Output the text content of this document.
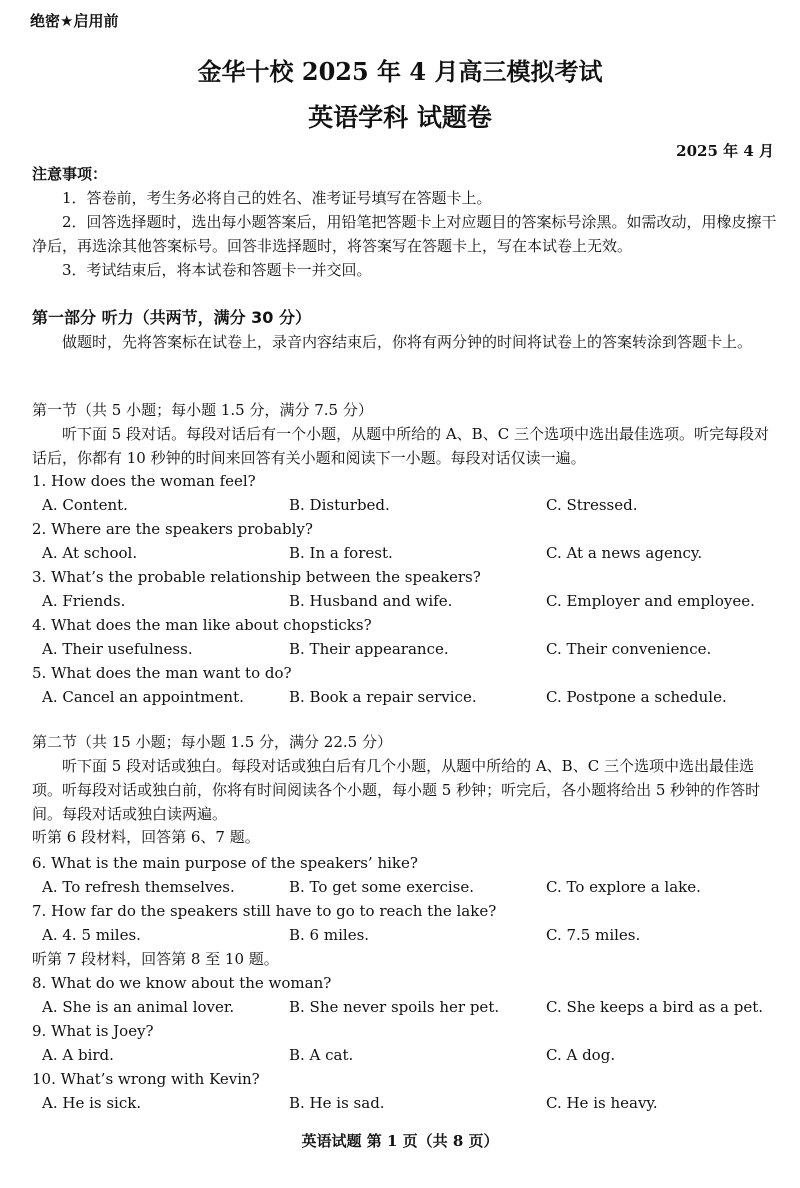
绝密★启用前
金华十校 2025 年 4 月高三模拟考试
英语学科 试题卷
2025 年 4 月
注意事项：
1．答卷前，考生务必将自己的姓名、准考证号填写在答题卡上。
2．回答选择题时，选出每小题答案后，用铅笔把答题卡上对应题目的答案标号涂黑。如需改动，用橡皮擦干净后，再选涂其他答案标号。回答非选择题时，将答案写在答题卡上，写在本试卷上无效。
3．考试结束后，将本试卷和答题卡一并交回。
第一部分 听力（共两节，满分 30 分）
做题时，先将答案标在试卷上，录音内容结束后，你将有两分钟的时间将试卷上的答案转涂到答题卡上。
第一节（共 5 小题；每小题 1.5 分，满分 7.5 分）
听下面 5 段对话。每段对话后有一个小题，从题中所给的 A、B、C 三个选项中选出最佳选项。听完每段对话后，你都有 10 秒钟的时间来回答有关小题和阅读下一小题。每段对话仅读一遍。
1. How does the woman feel?
A. Content.	B. Disturbed.	C. Stressed.
2. Where are the speakers probably?
A. At school.	B. In a forest.	C. At a news agency.
3. What’s the probable relationship between the speakers?
A. Friends.	B. Husband and wife.	C. Employer and employee.
4. What does the man like about chopsticks?
A. Their usefulness.	B. Their appearance.	C. Their convenience.
5. What does the man want to do?
A. Cancel an appointment.	B. Book a repair service.	C. Postpone a schedule.
第二节（共 15 小题；每小题 1.5 分，满分 22.5 分）
听下面 5 段对话或独白。每段对话或独白后有几个小题，从题中所给的 A、B、C 三个选项中选出最佳选项。听每段对话或独白前，你将有时间阅读各个小题，每小题 5 秒钟；听完后，各小题将给出 5 秒钟的作答时间。每段对话或独白读两遍。
听第 6 段材料，回答第 6、7 题。
6. What is the main purpose of the speakers’ hike?
A. To refresh themselves.	B. To get some exercise.	C. To explore a lake.
7. How far do the speakers still have to go to reach the lake?
A. 4. 5 miles.	B. 6 miles.	C. 7.5 miles.
听第 7 段材料，回答第 8 至 10 题。
8. What do we know about the woman?
A. She is an animal lover.	B. She never spoils her pet.	C. She keeps a bird as a pet.
9. What is Joey?
A. A bird.	B. A cat.	C. A dog.
10. What’s wrong with Kevin?
A. He is sick.	B. He is sad.	C. He is heavy.
英语试题 第 1 页（共 8 页）
